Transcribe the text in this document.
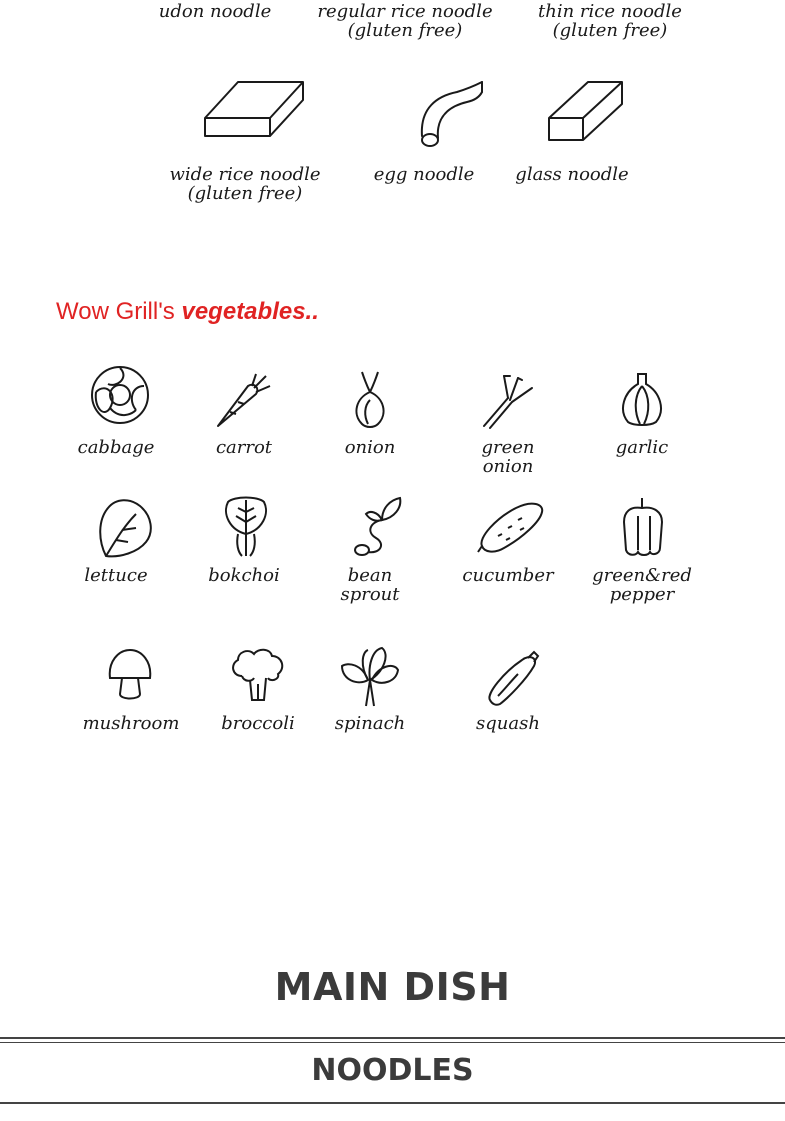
udon noodle	regular rice noodle
(gluten free)
thin rice noodle
(gluten free)
wide rice noodle
(gluten free)
egg noodle	glass noodle
Wow Grill's vegetables..
cabbage	carrot	onion	green
onion
garlic
lettuce	bokchoi	bean
sprout
cucumber	green&red
pepper
mushroom	broccoli	spinach	squash
MAIN DISH
NOODLES
